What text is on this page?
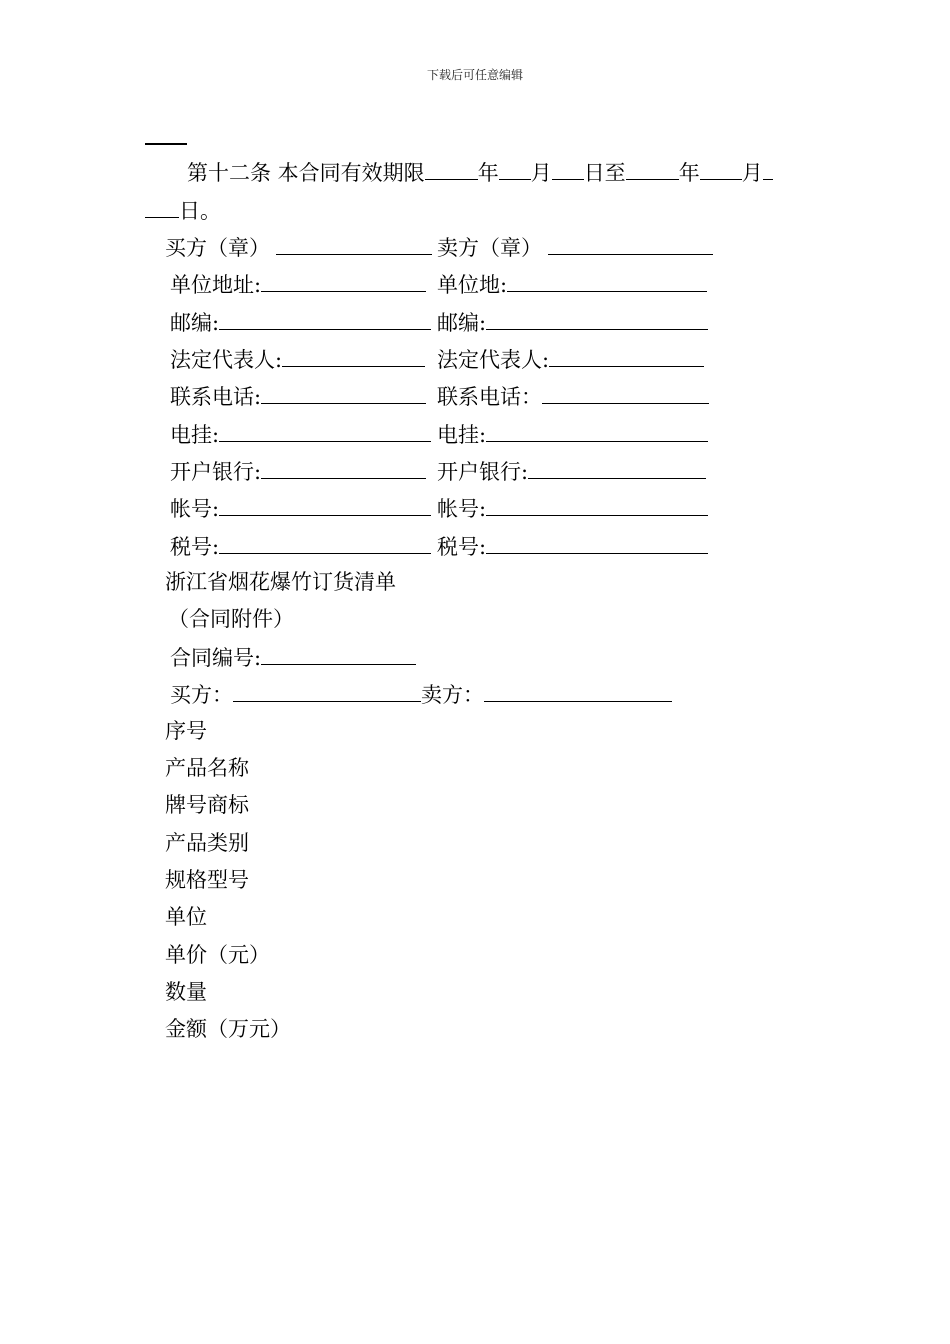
下载后可任意编辑
第十二条 本合同有效期限	年 月 日至	年 月
日。
买方（章）	卖方（章）
单位地址:	单位地:
邮编:	邮编:
法定代表人:	法定代表人:
联系电话:	联系电话：
电挂:	电挂:
开户银行:	开户银行:
帐号:	帐号:
税号:	税号:
浙江省烟花爆竹订货清单
（合同附件）
合同编号:
买方：	卖方：
序号
产品名称
牌号商标
产品类别
规格型号
单位
单价（元）
数量
金额（万元）
